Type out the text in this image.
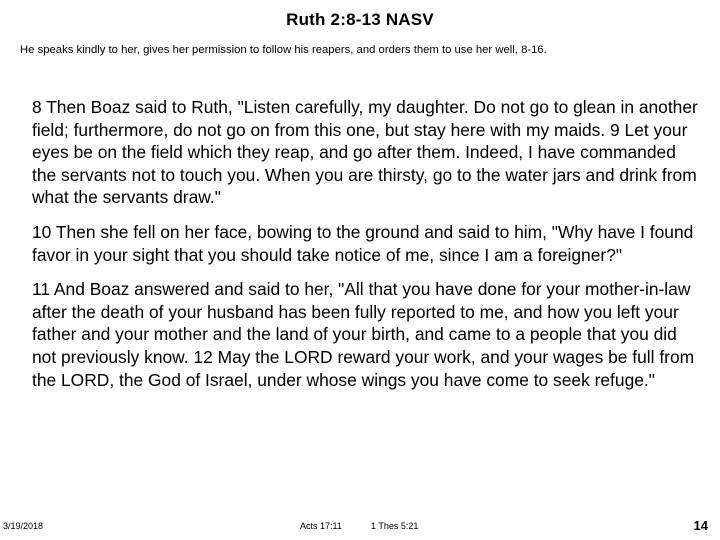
Ruth 2:8-13 NASV
He speaks kindly to her, gives her permission to follow his reapers, and orders them to use her well, 8‑16.

8 Then Boaz said to Ruth, "Listen carefully, my daughter. Do not go to glean in another field; furthermore, do not go on from this one, but stay here with my maids. 9 Let your eyes be on the field which they reap, and go after them. Indeed, I have commanded the servants not to touch you. When you are thirsty, go to the water jars and drink from what the servants draw."

10 Then she fell on her face, bowing to the ground and said to him, "Why have I found favor in your sight that you should take notice of me, since I am a foreigner?"

11 And Boaz answered and said to her, "All that you have done for your mother-in-law after the death of your husband has been fully reported to me, and how you left your father and your mother and the land of your birth, and came to a people that you did not previously know. 12 May the LORD reward your work, and your wages be full from the LORD, the God of Israel, under whose wings you have come to seek refuge."

3/19/2018	Acts 17:11	1 Thes 5:21	14
